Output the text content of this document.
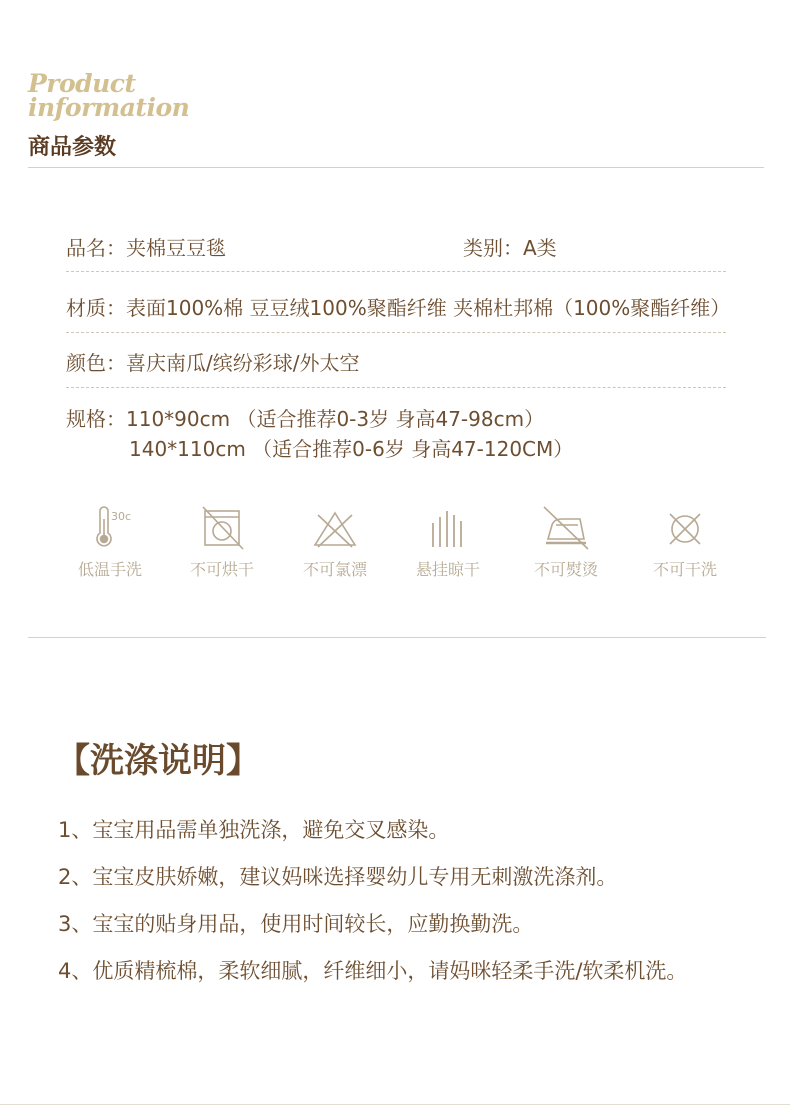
Product
information
商品参数
品名：夹棉豆豆毯	类别：A类
材质：表面100%棉 豆豆绒100%聚酯纤维 夹棉杜邦棉（100%聚酯纤维）
颜色：喜庆南瓜/缤纷彩球/外太空
规格：110*90cm （适合推荐0-3岁 身高47-98cm）
140*110cm （适合推荐0-6岁 身高47-120CM）
30c
低温手洗	不可烘干	不可氯漂	悬挂晾干	不可熨烫	不可干洗
【洗涤说明】
1、宝宝用品需单独洗涤，避免交叉感染。
2、宝宝皮肤娇嫩，建议妈咪选择婴幼儿专用无刺激洗涤剂。
3、宝宝的贴身用品，使用时间较长，应勤换勤洗。
4、优质精梳棉，柔软细腻，纤维细小，请妈咪轻柔手洗/软柔机洗。
